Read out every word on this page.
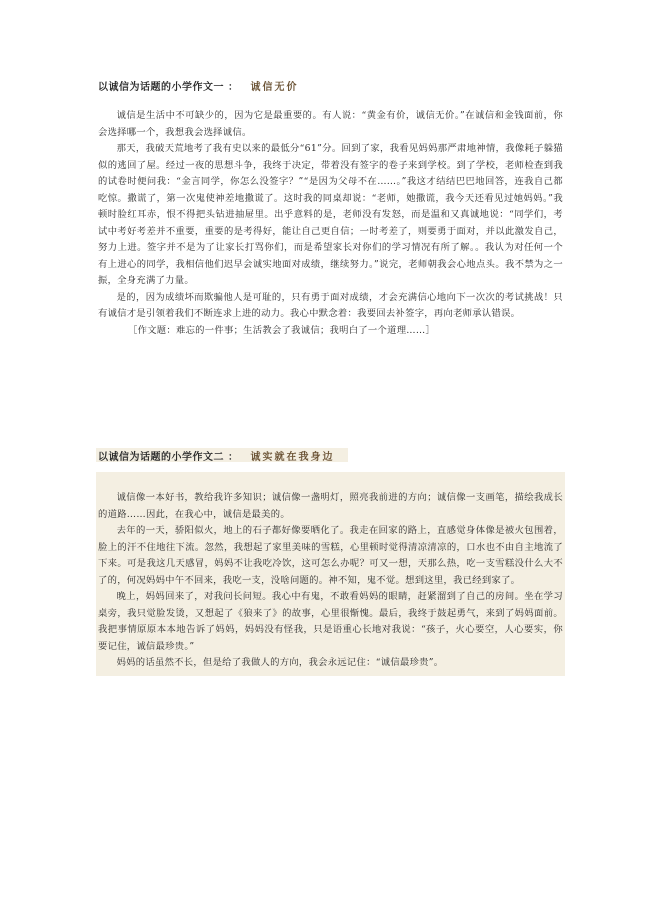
以诚信为话题的小学作文一 ： 诚信无价

诚信是生活中不可缺少的，因为它是最重要的。有人说：“黄金有价，诚信无价。”在诚信和金钱面前，你会选择哪一个，我想我会选择诚信。

那天，我破天荒地考了我有史以来的最低分“61”分。回到了家，我看见妈妈那严肃地神情，我像耗子躲猫似的逃回了屋。经过一夜的思想斗争，我终于决定，带着没有签字的卷子来到学校。到了学校，老师检查到我的试卷时便问我：“金言同学，你怎么没签字？”“是因为父母不在……。”我这才结结巴巴地回答，连我自己都吃惊。撒谎了，第一次鬼使神差地撒谎了。这时我的同桌却说：“老师，她撒谎，我今天还看见过她妈妈。”我顿时脸红耳赤，恨不得把头钻进抽屉里。出乎意料的是，老师没有发怒，而是温和又真诚地说：“同学们，考试中考好考差并不重要，重要的是考得好，能让自己更自信；一时考差了，则要勇于面对，并以此激发自己，努力上进。签字并不是为了让家长打骂你们，而是希望家长对你们的学习情况有所了解。。我认为对任何一个有上进心的同学，我相信他们迟早会诚实地面对成绩，继续努力。”说完，老师朝我会心地点头。我不禁为之一振，全身充满了力量。

是的，因为成绩坏而欺骗他人是可耻的，只有勇于面对成绩，才会充满信心地向下一次次的考试挑战！只有诚信才是引领着我们不断连求上进的动力。我心中默念着：我要回去补签字，再向老师承认错误。

［作文题：难忘的一件事；生活教会了我诚信；我明白了一个道理……］
以诚信为话题的小学作文二 ： 诚实就在我身边

诚信像一本好书，教给我许多知识；诚信像一盏明灯，照亮我前进的方向；诚信像一支画笔，描绘我成长的道路……因此，在我心中，诚信是最美的。

去年的一天，骄阳似火，地上的石子都好像要晒化了。我走在回家的路上，直感觉身体像是被火包围着，脸上的汗不住地往下流。忽然，我想起了家里美味的雪糕，心里顿时觉得清凉清凉的，口水也不由自主地流了下来。可是我这几天感冒，妈妈不让我吃冷饮，这可怎么办呢？可又一想，天那么热，吃一支雪糕没什么大不了的，何况妈妈中午不回来，我吃一支，没啥问题的。神不知，鬼不觉。想到这里，我已经到家了。

晚上，妈妈回来了，对我问长问短。我心中有鬼，不敢看妈妈的眼睛，赶紧溜到了自己的房间。坐在学习桌旁，我只觉脸发烫，又想起了《狼来了》的故事，心里很惭愧。最后，我终于鼓起勇气，来到了妈妈面前。我把事情原原本本地告诉了妈妈，妈妈没有怪我，只是语重心长地对我说：“孩子，火心要空，人心要实，你要记住，诚信最珍贵。”

妈妈的话虽然不长，但是给了我做人的方向，我会永远记住：“诚信最珍贵”。
